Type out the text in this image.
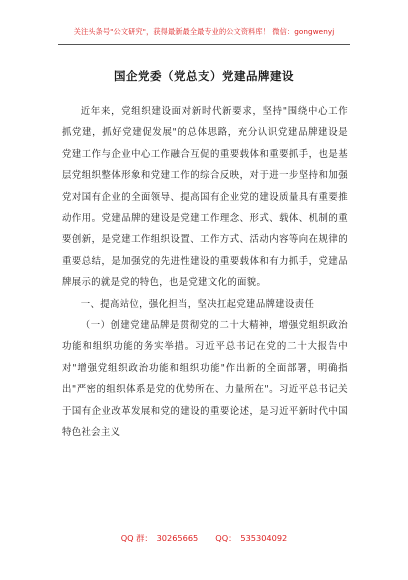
关注头条号"公文研究"，获得最新最全最专业的公文资料库！ 微信：gongwenyj
国企党委（党总支）党建品牌建设

近年来，党组织建设面对新时代新要求，坚持"围绕中心工作抓党建，抓好党建促发展"的总体思路，充分认识党建品牌建设是党建工作与企业中心工作融合互促的重要载体和重要抓手，也是基层党组织整体形象和党建工作的综合反映，对于进一步坚持和加强党对国有企业的全面领导、提高国有企业党的建设质量具有重要推动作用。党建品牌的建设是党建工作理念、形式、载体、机制的重要创新，是党建工作组织设置、工作方式、活动内容等向在规律的重要总结，是加强党的先进性建设的重要载体和有力抓手，党建品牌展示的就是党的特色，也是党建文化的面貌。

一、提高站位，强化担当，坚决扛起党建品牌建设责任

（一）创建党建品牌是贯彻党的二十大精神，增强党组织政治功能和组织功能的务实举措。习近平总书记在党的二十大报告中对"增强党组织政治功能和组织功能"作出新的全面部署，明确指出"严密的组织体系是党的优势所在、力量所在"。习近平总书记关于国有企业改革发展和党的建设的重要论述，是习近平新时代中国特色社会主义

QQ 群： 30265665 QQ： 535304092
